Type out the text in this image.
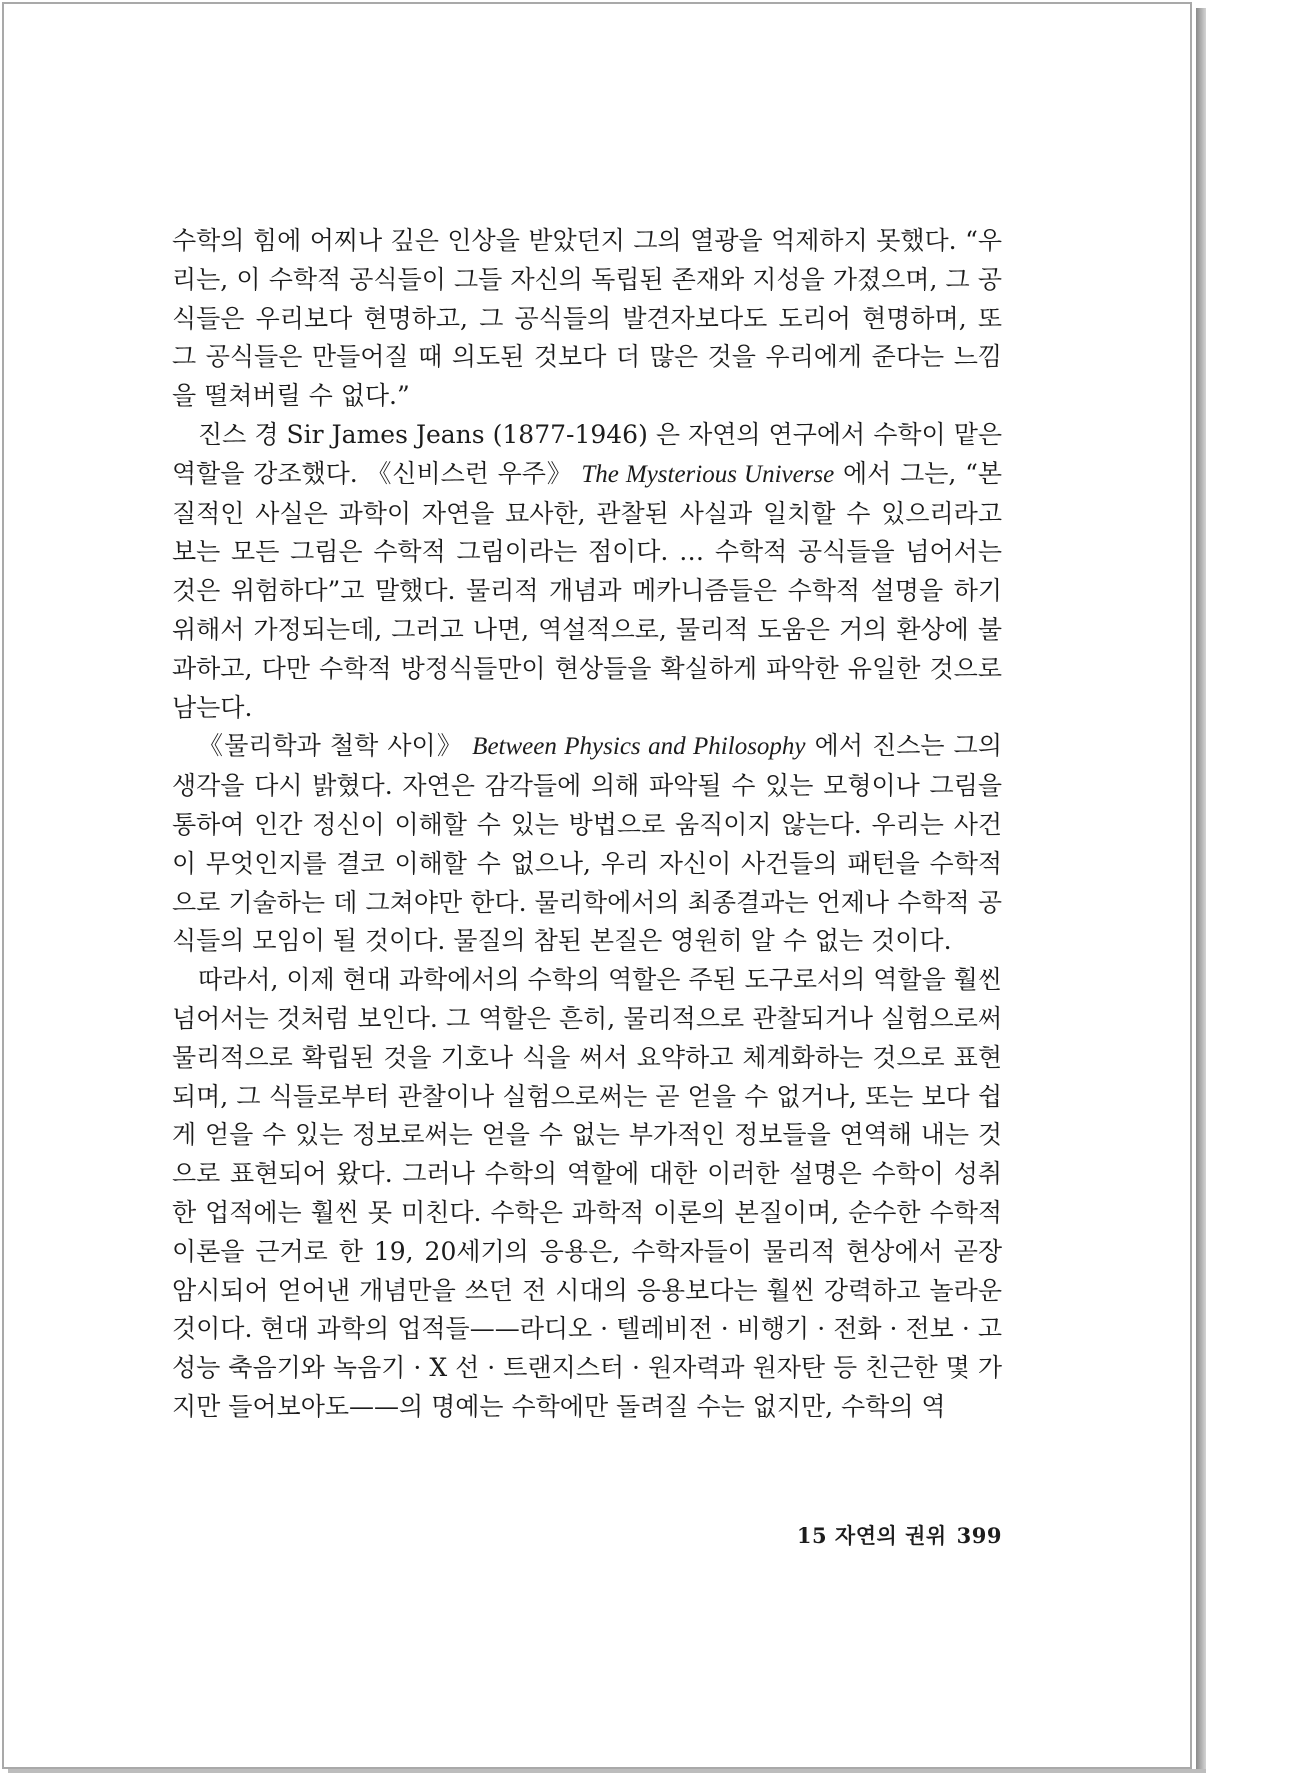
수학의 힘에 어찌나 깊은 인상을 받았던지 그의 열광을 억제하지 못했다. “우리는, 이 수학적 공식들이 그들 자신의 독립된 존재와 지성을 가졌으며, 그 공식들은 우리보다 현명하고, 그 공식들의 발견자보다도 도리어 현명하며, 또 그 공식들은 만들어질 때 의도된 것보다 더 많은 것을 우리에게 준다는 느낌을 떨쳐버릴 수 없다.”

진스 경 Sir James Jeans (1877-1946) 은 자연의 연구에서 수학이 맡은 역할을 강조했다. 《신비스런 우주》 The Mysterious Universe 에서 그는, “본질적인 사실은 과학이 자연을 묘사한, 관찰된 사실과 일치할 수 있으리라고 보는 모든 그림은 수학적 그림이라는 점이다. … 수학적 공식들을 넘어서는 것은 위험하다”고 말했다. 물리적 개념과 메카니즘들은 수학적 설명을 하기 위해서 가정되는데, 그러고 나면, 역설적으로, 물리적 도움은 거의 환상에 불과하고, 다만 수학적 방정식들만이 현상들을 확실하게 파악한 유일한 것으로 남는다.

《물리학과 철학 사이》 Between Physics and Philosophy 에서 진스는 그의 생각을 다시 밝혔다. 자연은 감각들에 의해 파악될 수 있는 모형이나 그림을 통하여 인간 정신이 이해할 수 있는 방법으로 움직이지 않는다. 우리는 사건이 무엇인지를 결코 이해할 수 없으나, 우리 자신이 사건들의 패턴을 수학적으로 기술하는 데 그쳐야만 한다. 물리학에서의 최종결과는 언제나 수학적 공식들의 모임이 될 것이다. 물질의 참된 본질은 영원히 알 수 없는 것이다.

따라서, 이제 현대 과학에서의 수학의 역할은 주된 도구로서의 역할을 훨씬 넘어서는 것처럼 보인다. 그 역할은 흔히, 물리적으로 관찰되거나 실험으로써 물리적으로 확립된 것을 기호나 식을 써서 요약하고 체계화하는 것으로 표현되며, 그 식들로부터 관찰이나 실험으로써는 곧 얻을 수 없거나, 또는 보다 쉽게 얻을 수 있는 정보로써는 얻을 수 없는 부가적인 정보들을 연역해 내는 것으로 표현되어 왔다. 그러나 수학의 역할에 대한 이러한 설명은 수학이 성취한 업적에는 훨씬 못 미친다. 수학은 과학적 이론의 본질이며, 순수한 수학적 이론을 근거로 한 19, 20세기의 응용은, 수학자들이 물리적 현상에서 곧장 암시되어 얻어낸 개념만을 쓰던 전 시대의 응용보다는 훨씬 강력하고 놀라운 것이다. 현대 과학의 업적들——라디오 · 텔레비전 · 비행기 · 전화 · 전보 · 고성능 축음기와 녹음기 · X 선 · 트랜지스터 · 원자력과 원자탄 등 친근한 몇 가지만 들어보아도——의 명예는 수학에만 돌려질 수는 없지만, 수학의 역

15 자연의 권위 399
